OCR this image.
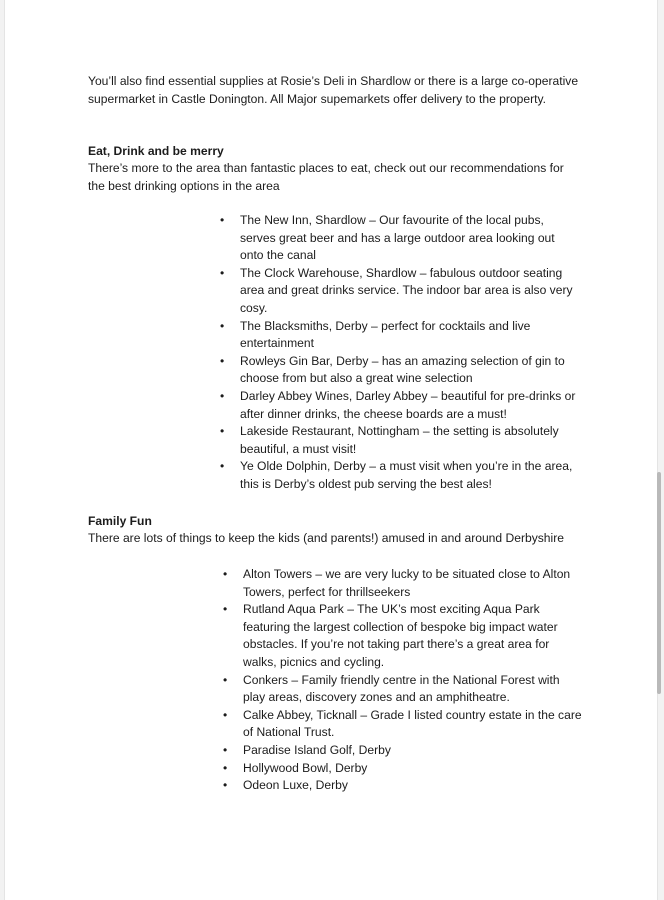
You’ll also find essential supplies at Rosie’s Deli in Shardlow or there is a large co-operative
supermarket in Castle Donington. All Major supemarkets offer delivery to the property.
Eat, Drink and be merry
There’s more to the area than fantastic places to eat, check out our recommendations for
the best drinking options in the area
• The New Inn, Shardlow – Our favourite of the local pubs,
serves great beer and has a large outdoor area looking out
onto the canal
• The Clock Warehouse, Shardlow – fabulous outdoor seating
area and great drinks service. The indoor bar area is also very
cosy.
• The Blacksmiths, Derby – perfect for cocktails and live
entertainment
• Rowleys Gin Bar, Derby – has an amazing selection of gin to
choose from but also a great wine selection
• Darley Abbey Wines, Darley Abbey – beautiful for pre-drinks or
after dinner drinks, the cheese boards are a must!
• Lakeside Restaurant, Nottingham – the setting is absolutely
beautiful, a must visit!
• Ye Olde Dolphin, Derby – a must visit when you’re in the area,
this is Derby’s oldest pub serving the best ales!
Family Fun
There are lots of things to keep the kids (and parents!) amused in and around Derbyshire
• Alton Towers – we are very lucky to be situated close to Alton
Towers, perfect for thrillseekers
• Rutland Aqua Park – The UK’s most exciting Aqua Park
featuring the largest collection of bespoke big impact water
obstacles. If you’re not taking part there’s a great area for
walks, picnics and cycling.
• Conkers – Family friendly centre in the National Forest with
play areas, discovery zones and an amphitheatre.
• Calke Abbey, Ticknall – Grade I listed country estate in the care
of National Trust.
• Paradise Island Golf, Derby
• Hollywood Bowl, Derby
• Odeon Luxe, Derby
